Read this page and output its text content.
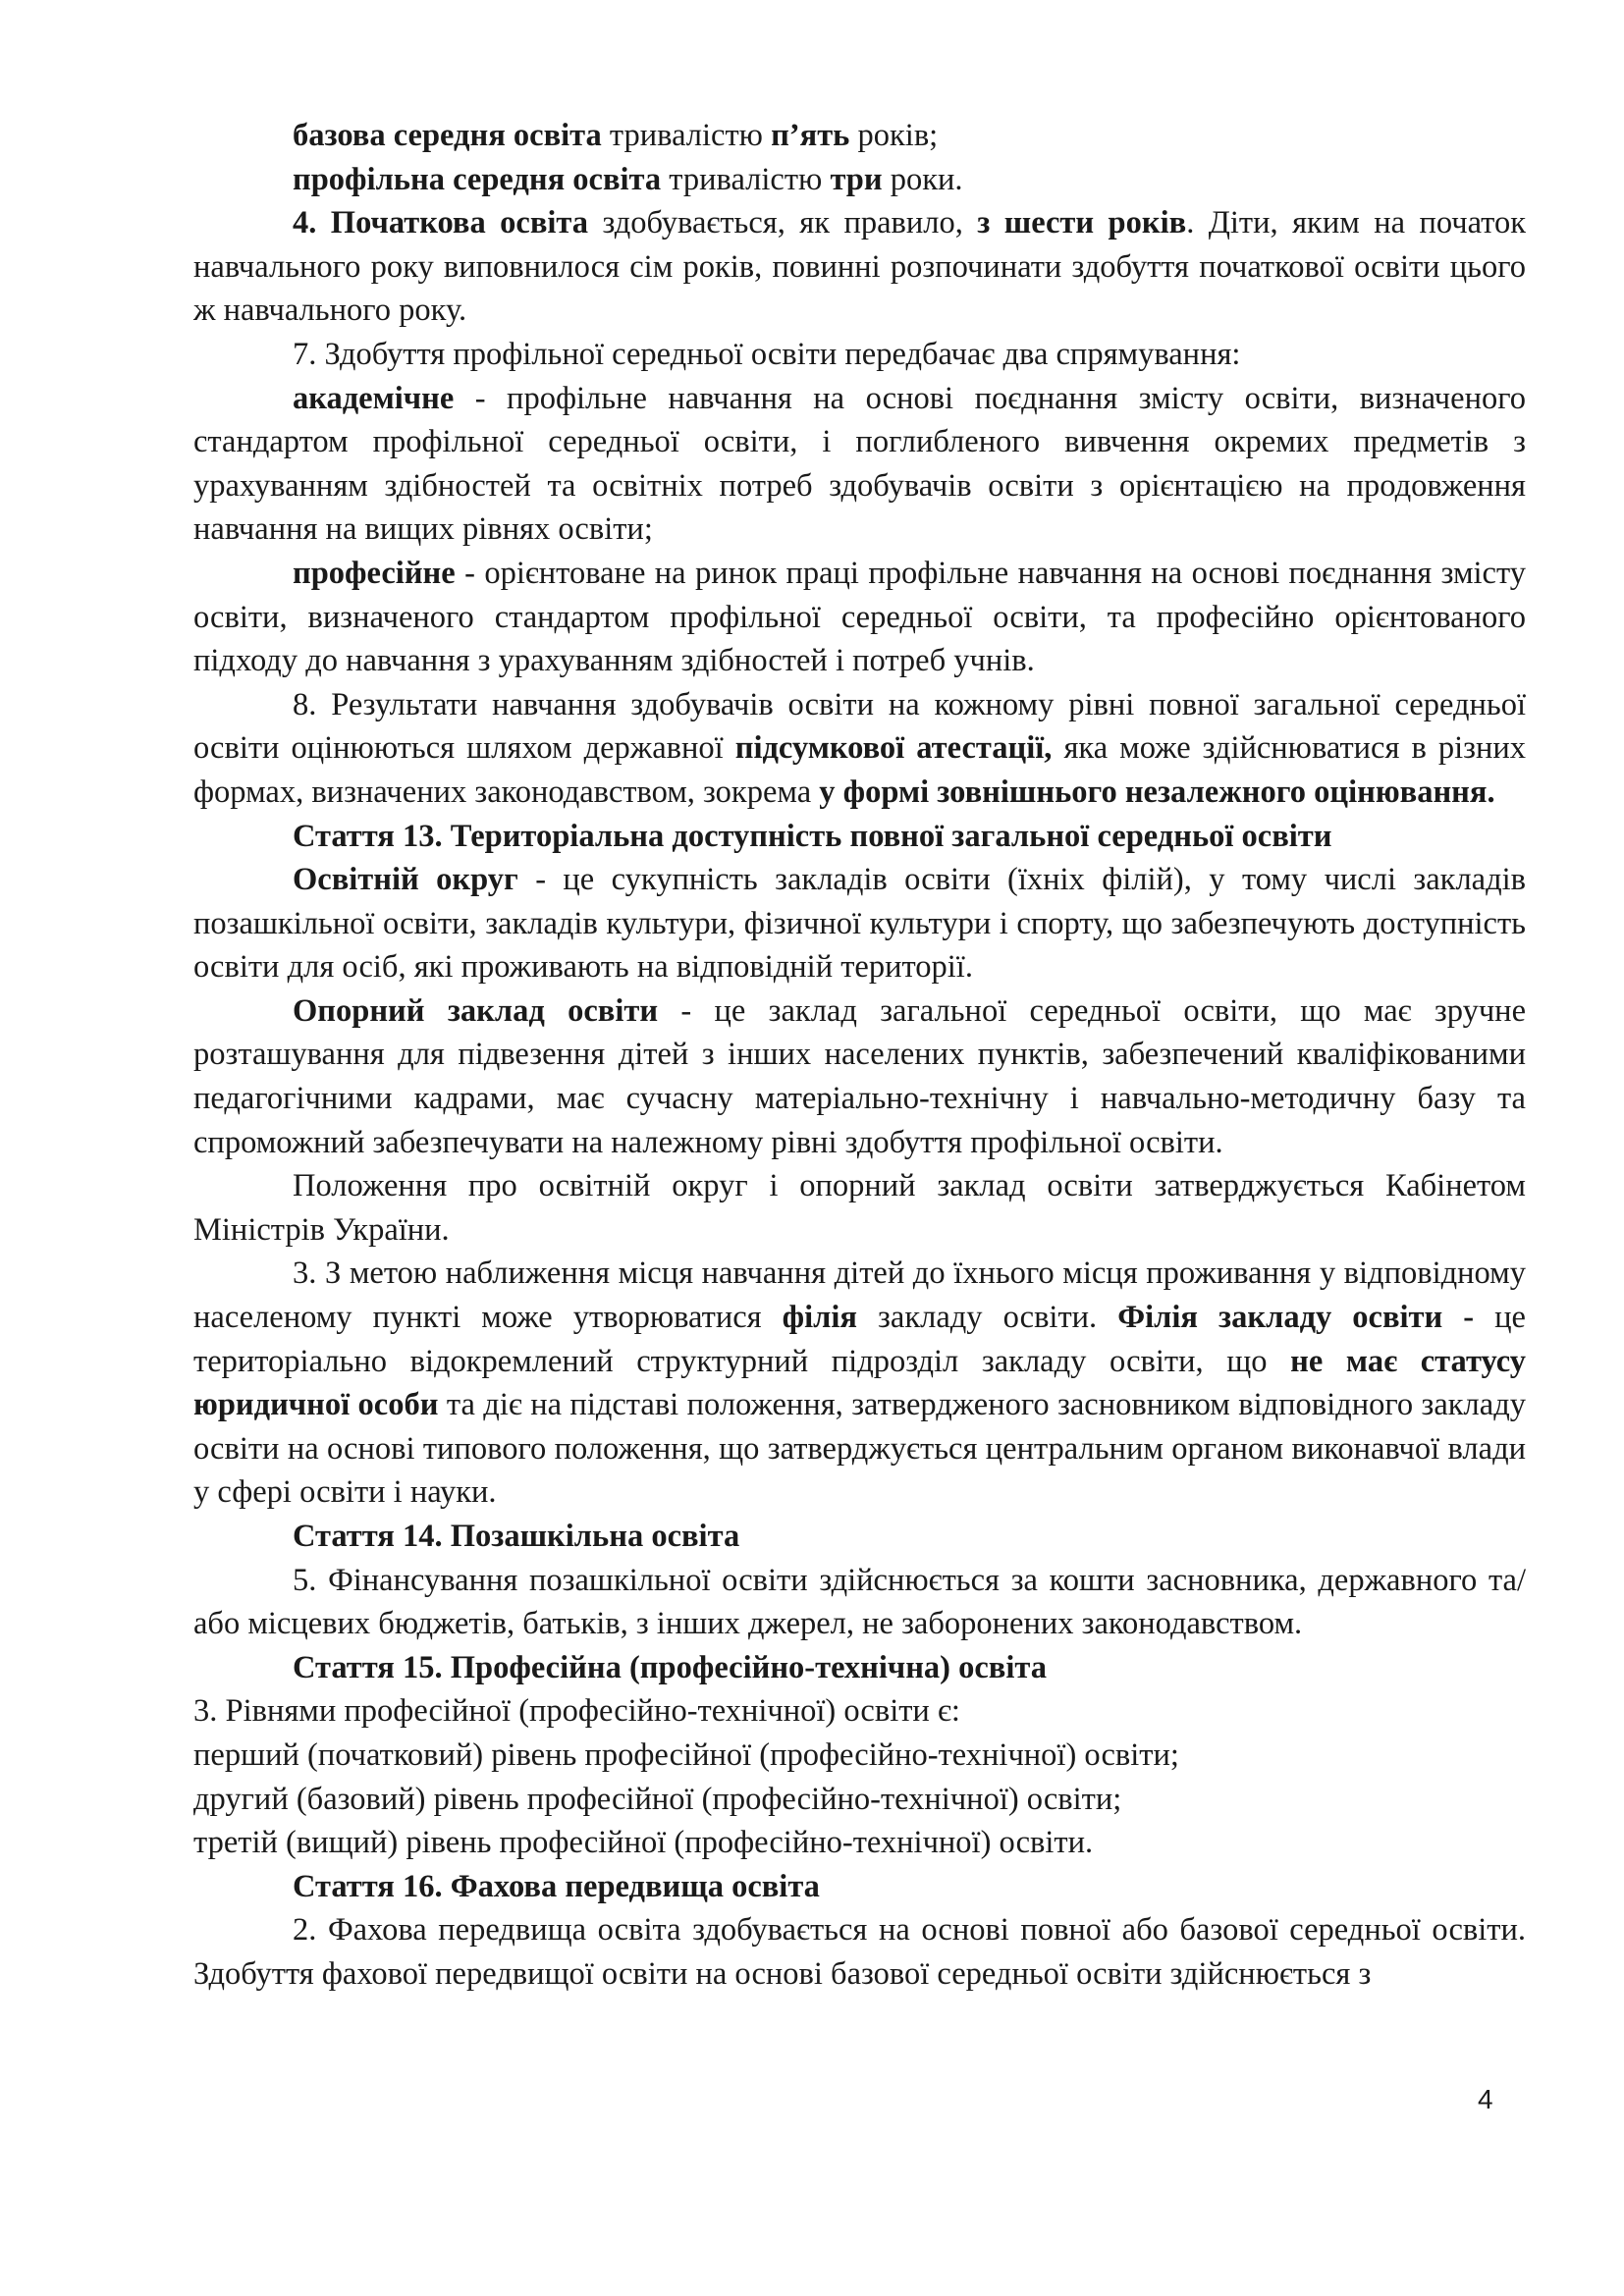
базова середня освіта тривалістю п’ять років;

профільна середня освіта тривалістю три роки.

4. Початкова освіта здобувається, як правило, з шести років. Діти, яким на початок навчального року виповнилося сім років, повинні розпочинати здобуття початкової освіти цього ж навчального року.

7. Здобуття профільної середньої освіти передбачає два спрямування:

академічне - профільне навчання на основі поєднання змісту освіти, визначеного стандартом профільної середньої освіти, і поглибленого вивчення окремих предметів з урахуванням здібностей та освітніх потреб здобувачів освіти з орієнтацією на продовження навчання на вищих рівнях освіти;

професійне - орієнтоване на ринок праці профільне навчання на основі поєднання змісту освіти, визначеного стандартом профільної середньої освіти, та професійно орієнтованого підходу до навчання з урахуванням здібностей і потреб учнів.

8. Результати навчання здобувачів освіти на кожному рівні повної загальної середньої освіти оцінюються шляхом державної підсумкової атестації, яка може здійснюватися в різних формах, визначених законодавством, зокрема у формі зовнішнього незалежного оцінювання.

Стаття 13. Територіальна доступність повної загальної середньої освіти

Освітній округ - це сукупність закладів освіти (їхніх філій), у тому числі закладів позашкільної освіти, закладів культури, фізичної культури і спорту, що забезпечують доступність освіти для осіб, які проживають на відповідній території.

Опорний заклад освіти - це заклад загальної середньої освіти, що має зручне розташування для підвезення дітей з інших населених пунктів, забезпечений кваліфікованими педагогічними кадрами, має сучасну матеріально-технічну і навчально-методичну базу та спроможний забезпечувати на належному рівні здобуття профільної освіти.

Положення про освітній округ і опорний заклад освіти затверджується Кабінетом Міністрів України.

3. З метою наближення місця навчання дітей до їхнього місця проживання у відповідному населеному пункті може утворюватися філія закладу освіти. Філія закладу освіти - це територіально відокремлений структурний підрозділ закладу освіти, що не має статусу юридичної особи та діє на підставі положення, затвердженого засновником відповідного закладу освіти на основі типового положення, що затверджується центральним органом виконавчої влади у сфері освіти і науки.

Стаття 14. Позашкільна освіта

5. Фінансування позашкільної освіти здійснюється за кошти засновника, державного та/або місцевих бюджетів, батьків, з інших джерел, не заборонених законодавством.

Стаття 15. Професійна (професійно-технічна) освіта

3. Рівнями професійної (професійно-технічної) освіти є:

перший (початковий) рівень професійної (професійно-технічної) освіти;

другий (базовий) рівень професійної (професійно-технічної) освіти;

третій (вищий) рівень професійної (професійно-технічної) освіти.

Стаття 16. Фахова передвища освіта

2. Фахова передвища освіта здобувається на основі повної або базової середньої освіти. Здобуття фахової передвищої освіти на основі базової середньої освіти здійснюється з

4
